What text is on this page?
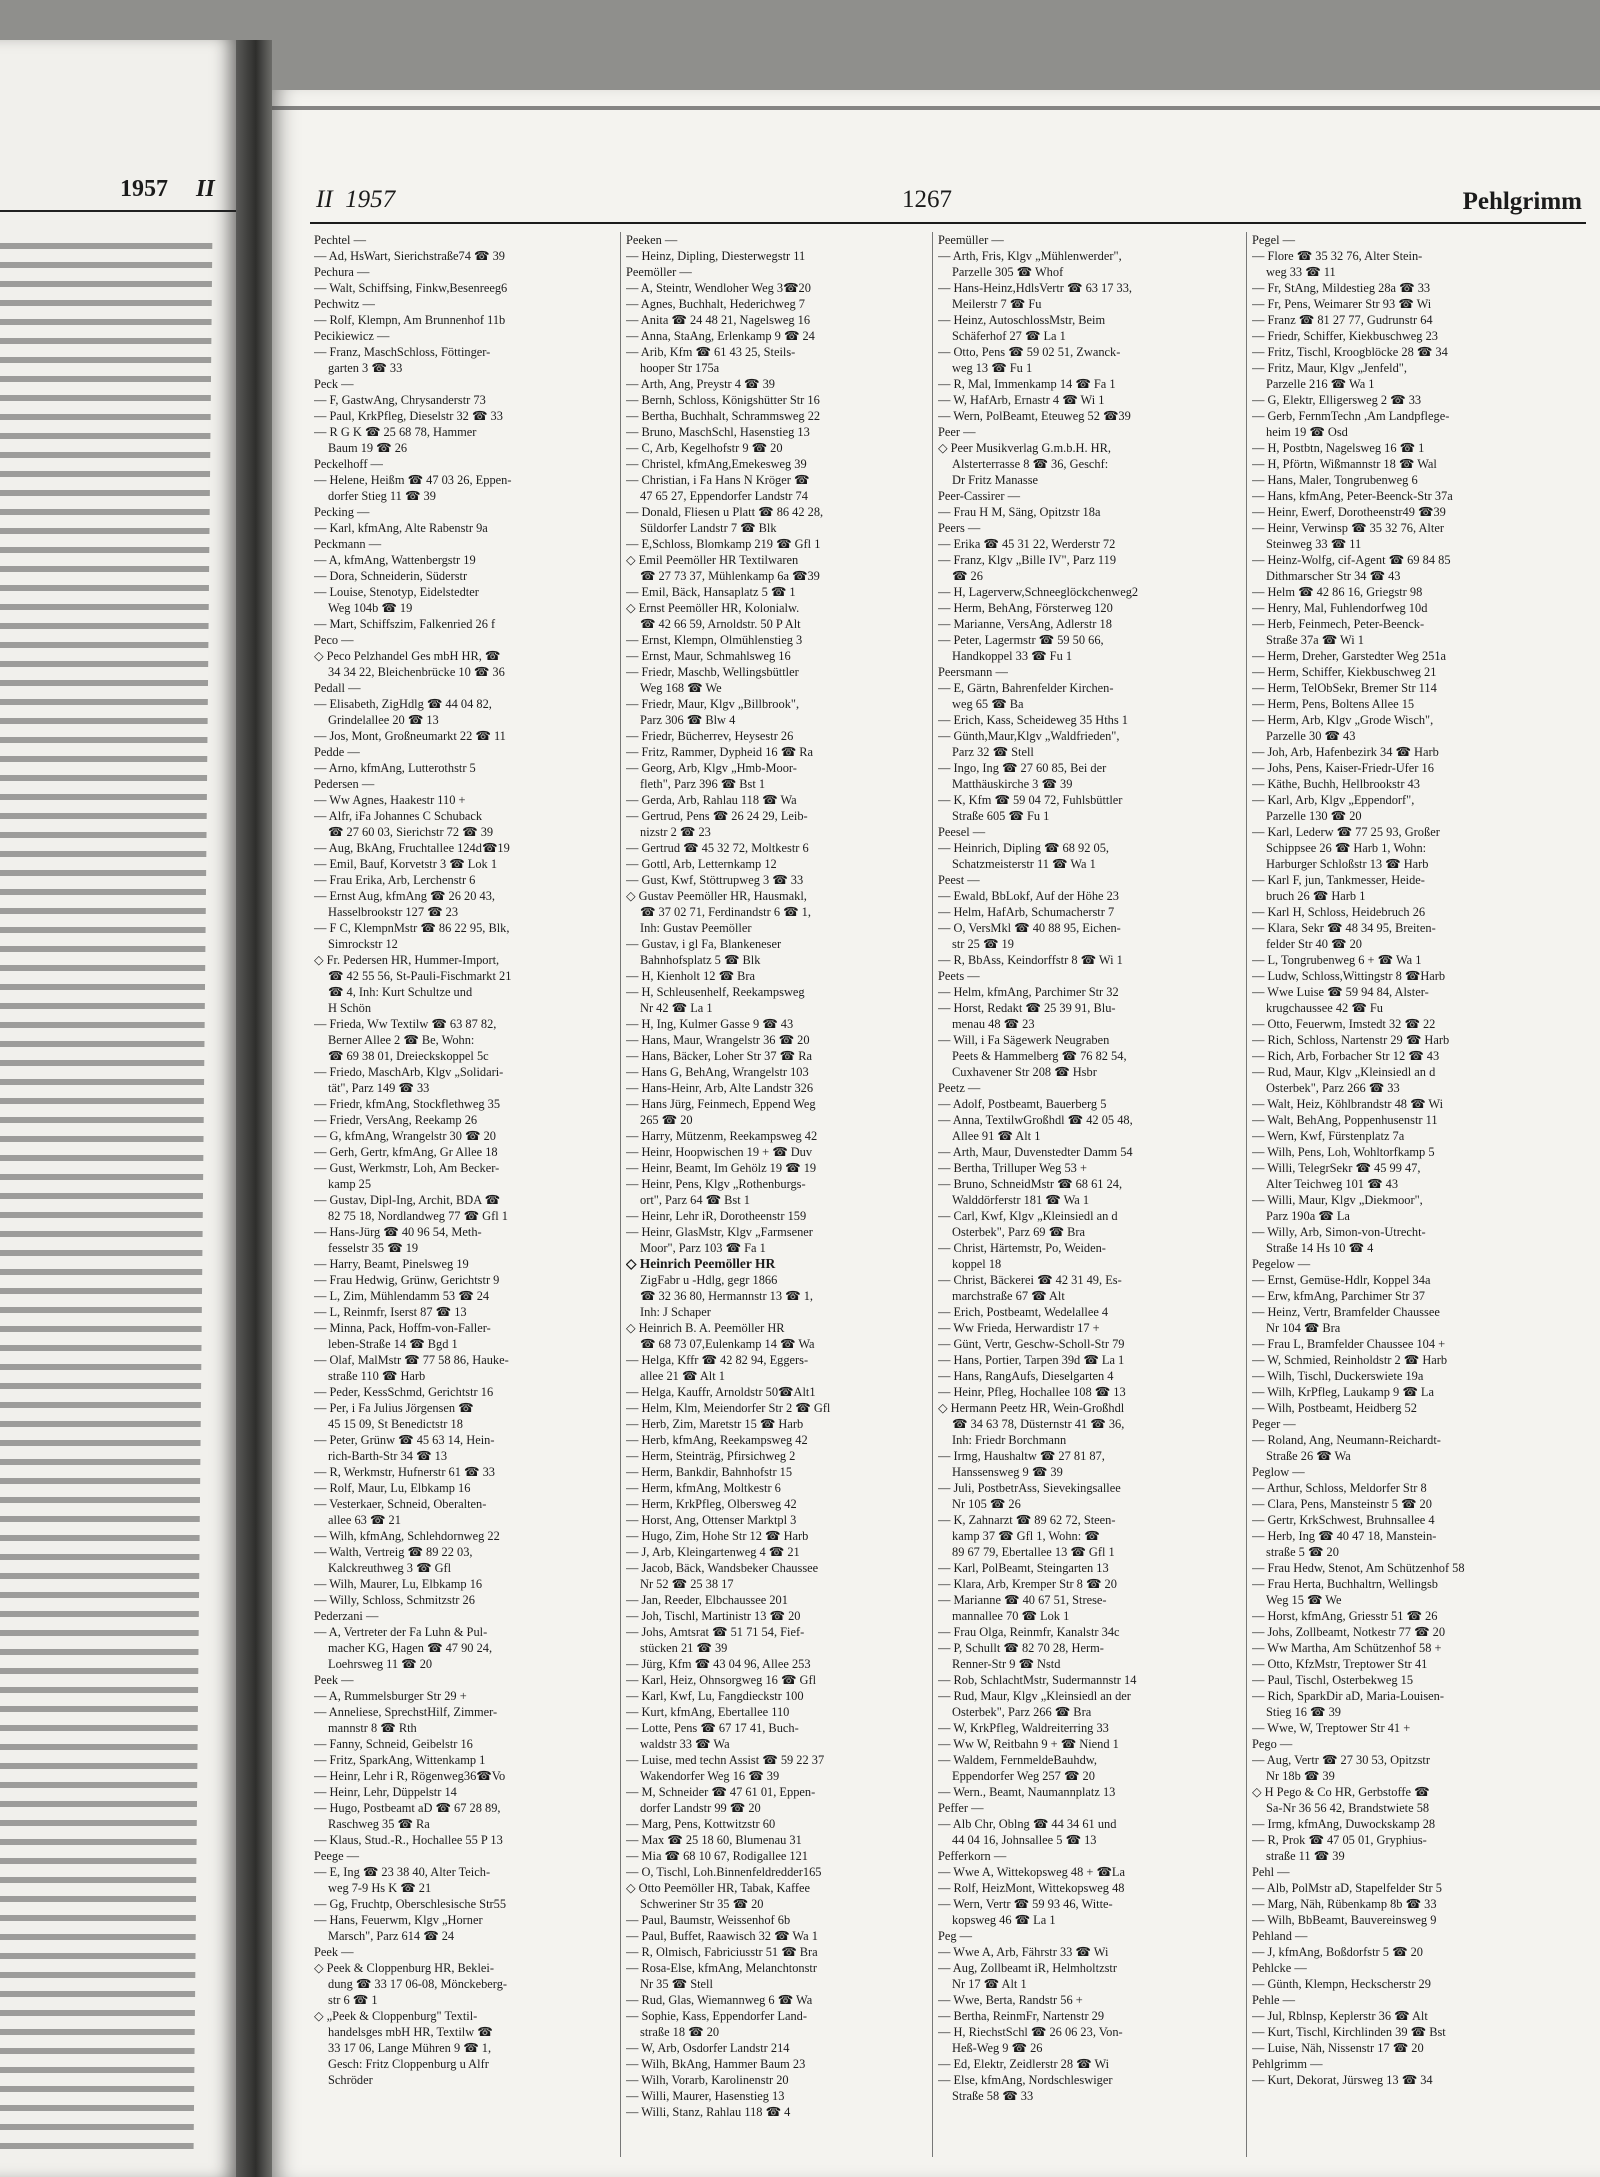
1957 II	II 1957	1267	Pehlgrimm
Pechtel —
— Ad, HsWart, Sierichstraße74 ☎ 39
Pechura —
— Walt, Schiffsing, Finkw,Besenreeg6
Pechwitz —
— Rolf, Klempn, Am Brunnenhof 11b
Pecikiewicz —
— Franz, MaschSchloss, Föttinger-
garten 3 ☎ 33
Peck —
— F, GastwAng, Chrysanderstr 73
— Paul, KrkPfleg, Dieselstr 32 ☎ 33
— R G K ☎ 25 68 78, Hammer
Baum 19 ☎ 26
Peckelhoff —
— Helene, Heißm ☎ 47 03 26, Eppen-
dorfer Stieg 11 ☎ 39
Pecking —
— Karl, kfmAng, Alte Rabenstr 9a
Peckmann —
— A, kfmAng, Wattenbergstr 19
— Dora, Schneiderin, Süderstr
— Louise, Stenotyp, Eidelstedter
Weg 104b ☎ 19
— Mart, Schiffszim, Falkenried 26 f
Peco —
◇ Peco Pelzhandel Ges mbH HR, ☎
34 34 22, Bleichenbrücke 10 ☎ 36
Pedall —
— Elisabeth, ZigHdlg ☎ 44 04 82,
Grindelallee 20 ☎ 13
— Jos, Mont, Großneumarkt 22 ☎ 11
Pedde —
— Arno, kfmAng, Lutterothstr 5
Pedersen —
— Ww Agnes, Haakestr 110 +
— Alfr, iFa Johannes C Schuback
☎ 27 60 03, Sierichstr 72 ☎ 39
— Aug, BkAng, Fruchtallee 124d☎19
— Emil, Bauf, Korvetstr 3 ☎ Lok 1
— Frau Erika, Arb, Lerchenstr 6
— Ernst Aug, kfmAng ☎ 26 20 43,
Hasselbrookstr 127 ☎ 23
— F C, KlempnMstr ☎ 86 22 95, Blk,
Simrockstr 12
◇ Fr. Pedersen HR, Hummer-Import,
☎ 42 55 56, St-Pauli-Fischmarkt 21
☎ 4, Inh: Kurt Schultze und
H Schön
— Frieda, Ww Textilw ☎ 63 87 82,
Berner Allee 2 ☎ Be, Wohn:
☎ 69 38 01, Dreieckskoppel 5c
— Friedo, MaschArb, Klgv „Solidari-
tät", Parz 149 ☎ 33
— Friedr, kfmAng, Stockflethweg 35
— Friedr, VersAng, Reekamp 26
— G, kfmAng, Wrangelstr 30 ☎ 20
— Gerh, Gertr, kfmAng, Gr Allee 18
— Gust, Werkmstr, Loh, Am Becker-
kamp 25
— Gustav, Dipl-Ing, Archit, BDA ☎
82 75 18, Nordlandweg 77 ☎ Gfl 1
— Hans-Jürg ☎ 40 96 54, Meth-
fesselstr 35 ☎ 19
— Harry, Beamt, Pinelsweg 19
— Frau Hedwig, Grünw, Gerichtstr 9
— L, Zim, Mühlendamm 53 ☎ 24
— L, Reinmfr, Iserst 87 ☎ 13
— Minna, Pack, Hoffm-von-Faller-
leben-Straße 14 ☎ Bgd 1
— Olaf, MalMstr ☎ 77 58 86, Hauke-
straße 110 ☎ Harb
— Peder, KessSchmd, Gerichtstr 16
— Per, i Fa Julius Jörgensen ☎
45 15 09, St Benedictstr 18
— Peter, Grünw ☎ 45 63 14, Hein-
rich-Barth-Str 34 ☎ 13
— R, Werkmstr, Hufnerstr 61 ☎ 33
— Rolf, Maur, Lu, Elbkamp 16
— Vesterkaer, Schneid, Oberalten-
allee 63 ☎ 21
— Wilh, kfmAng, Schlehdornweg 22
— Walth, Vertreig ☎ 89 22 03,
Kalckreuthweg 3 ☎ Gfl
— Wilh, Maurer, Lu, Elbkamp 16
— Willy, Schloss, Schmitzstr 26
Pederzani —
— A, Vertreter der Fa Luhn & Pul-
macher KG, Hagen ☎ 47 90 24,
Loehrsweg 11 ☎ 20
Peek —
— A, Rummelsburger Str 29 +
— Anneliese, SprechstHilf, Zimmer-
mannstr 8 ☎ Rth
— Fanny, Schneid, Geibelstr 16
— Fritz, SparkAng, Wittenkamp 1
— Heinr, Lehr i R, Rögenweg36☎Vo
— Heinr, Lehr, Düppelstr 14
— Hugo, Postbeamt aD ☎ 67 28 89,
Raschweg 35 ☎ Ra
— Klaus, Stud.-R., Hochallee 55 P 13
Peege —
— E, Ing ☎ 23 38 40, Alter Teich-
weg 7-9 Hs K ☎ 21
— Gg, Fruchtp, Oberschlesische Str55
— Hans, Feuerwm, Klgv „Horner
Marsch", Parz 614 ☎ 24
Peek —
◇ Peek & Cloppenburg HR, Beklei-
dung ☎ 33 17 06-08, Mönckeberg-
str 6 ☎ 1
◇ „Peek & Cloppenburg" Textil-
handelsges mbH HR, Textilw ☎
33 17 06, Lange Mühren 9 ☎ 1,
Gesch: Fritz Cloppenburg u Alfr
Schröder
Peeken —
— Heinz, Dipling, Diesterwegstr 11
Peemöller —
— A, Steintr, Wendloher Weg 3☎20
— Agnes, Buchhalt, Hederichweg 7
— Anita ☎ 24 48 21, Nagelsweg 16
— Anna, StaAng, Erlenkamp 9 ☎ 24
— Arib, Kfm ☎ 61 43 25, Steils-
hooper Str 175a
— Arth, Ang, Preystr 4 ☎ 39
— Bernh, Schloss, Königshütter Str 16
— Bertha, Buchhalt, Schrammsweg 22
— Bruno, MaschSchl, Hasenstieg 13
— C, Arb, Kegelhofstr 9 ☎ 20
— Christel, kfmAng,Emekesweg 39
— Christian, i Fa Hans N Kröger ☎
47 65 27, Eppendorfer Landstr 74
— Donald, Fliesen u Platt ☎ 86 42 28,
Süldorfer Landstr 7 ☎ Blk
— E,Schloss, Blomkamp 219 ☎ Gfl 1
◇ Emil Peemöller HR Textilwaren
☎ 27 73 37, Mühlenkamp 6a ☎39
— Emil, Bäck, Hansaplatz 5 ☎ 1
◇ Ernst Peemöller HR, Kolonialw.
☎ 42 66 59, Arnoldstr. 50 P Alt
— Ernst, Klempn, Olmühlenstieg 3
— Ernst, Maur, Schmahlsweg 16
— Friedr, Maschb, Wellingsbüttler
Weg 168 ☎ We
— Friedr, Maur, Klgv „Billbrook",
Parz 306 ☎ Blw 4
— Friedr, Bücherrev, Heysestr 26
— Fritz, Rammer, Dypheid 16 ☎ Ra
— Georg, Arb, Klgv „Hmb-Moor-
fleth", Parz 396 ☎ Bst 1
— Gerda, Arb, Rahlau 118 ☎ Wa
— Gertrud, Pens ☎ 26 24 29, Leib-
nizstr 2 ☎ 23
— Gertrud ☎ 45 32 72, Moltkestr 6
— Gottl, Arb, Letternkamp 12
— Gust, Kwf, Stöttrupweg 3 ☎ 33
◇ Gustav Peemöller HR, Hausmakl,
☎ 37 02 71, Ferdinandstr 6 ☎ 1,
Inh: Gustav Peemöller
— Gustav, i gl Fa, Blankeneser
Bahnhofsplatz 5 ☎ Blk
— H, Kienholt 12 ☎ Bra
— H, Schleusenhelf, Reekampsweg
Nr 42 ☎ La 1
— H, Ing, Kulmer Gasse 9 ☎ 43
— Hans, Maur, Wrangelstr 36 ☎ 20
— Hans, Bäcker, Loher Str 37 ☎ Ra
— Hans G, BehAng, Wrangelstr 103
— Hans-Heinr, Arb, Alte Landstr 326
— Hans Jürg, Feinmech, Eppend Weg
265 ☎ 20
— Harry, Mützenm, Reekampsweg 42
— Heinr, Hoopwischen 19 + ☎ Duv
— Heinr, Beamt, Im Gehölz 19 ☎ 19
— Heinr, Pens, Klgv „Rothenburgs-
ort", Parz 64 ☎ Bst 1
— Heinr, Lehr iR, Dorotheenstr 159
— Heinr, GlasMstr, Klgv „Farmsener
Moor", Parz 103 ☎ Fa 1
◇ Heinrich Peemöller HR
ZigFabr u -Hdlg, gegr 1866
☎ 32 36 80, Hermannstr 13 ☎ 1,
Inh: J Schaper
◇ Heinrich B. A. Peemöller HR
☎ 68 73 07,Eulenkamp 14 ☎ Wa
— Helga, Kffr ☎ 42 82 94, Eggers-
allee 21 ☎ Alt 1
— Helga, Kauffr, Arnoldstr 50☎Alt1
— Helm, Klm, Meiendorfer Str 2 ☎ Gfl
— Herb, Zim, Maretstr 15 ☎ Harb
— Herb, kfmAng, Reekampsweg 42
— Herm, Steinträg, Pfirsichweg 2
— Herm, Bankdir, Bahnhofstr 15
— Herm, kfmAng, Moltkestr 6
— Herm, KrkPfleg, Olbersweg 42
— Horst, Ang, Ottenser Marktpl 3
— Hugo, Zim, Hohe Str 12 ☎ Harb
— J, Arb, Kleingartenweg 4 ☎ 21
— Jacob, Bäck, Wandsbeker Chaussee
Nr 52 ☎ 25 38 17
— Jan, Reeder, Elbchaussee 201
— Joh, Tischl, Martinistr 13 ☎ 20
— Johs, Amtsrat ☎ 51 71 54, Fief-
stücken 21 ☎ 39
— Jürg, Kfm ☎ 43 04 96, Allee 253
— Karl, Heiz, Ohnsorgweg 16 ☎ Gfl
— Karl, Kwf, Lu, Fangdieckstr 100
— Kurt, kfmAng, Ebertallee 110
— Lotte, Pens ☎ 67 17 41, Buch-
waldstr 33 ☎ Wa
— Luise, med techn Assist ☎ 59 22 37
Wakendorfer Weg 16 ☎ 39
— M, Schneider ☎ 47 61 01, Eppen-
dorfer Landstr 99 ☎ 20
— Marg, Pens, Kottwitzstr 60
— Max ☎ 25 18 60, Blumenau 31
— Mia ☎ 68 10 67, Rodigallee 121
— O, Tischl, Loh.Binnenfeldredder165
◇ Otto Peemöller HR, Tabak, Kaffee
Schweriner Str 35 ☎ 20
— Paul, Baumstr, Weissenhof 6b
— Paul, Buffet, Raawisch 32 ☎ Wa 1
— R, Olmisch, Fabriciusstr 51 ☎ Bra
— Rosa-Else, kfmAng, Melanchtonstr
Nr 35 ☎ Stell
— Rud, Glas, Wiemannweg 6 ☎ Wa
— Sophie, Kass, Eppendorfer Land-
straße 18 ☎ 20
— W, Arb, Osdorfer Landstr 214
— Wilh, BkAng, Hammer Baum 23
— Wilh, Vorarb, Karolinenstr 20
— Willi, Maurer, Hasenstieg 13
— Willi, Stanz, Rahlau 118 ☎ 4
Peemüller —
— Arth, Fris, Klgv „Mühlenwerder",
Parzelle 305 ☎ Whof
— Hans-Heinz,HdlsVertr ☎ 63 17 33,
Meilerstr 7 ☎ Fu
— Heinz, AutoschlossMstr, Beim
Schäferhof 27 ☎ La 1
— Otto, Pens ☎ 59 02 51, Zwanck-
weg 13 ☎ Fu 1
— R, Mal, Immenkamp 14 ☎ Fa 1
— W, HafArb, Ernastr 4 ☎ Wi 1
— Wern, PolBeamt, Eteuweg 52 ☎39
Peer —
◇ Peer Musikverlag G.m.b.H. HR,
Alsterterrasse 8 ☎ 36, Geschf:
Dr Fritz Manasse
Peer-Cassirer —
— Frau H M, Säng, Opitzstr 18a
Peers —
— Erika ☎ 45 31 22, Werderstr 72
— Franz, Klgv „Bille IV", Parz 119
☎ 26
— H, Lagerverw,Schneeglöckchenweg2
— Herm, BehAng, Försterweg 120
— Marianne, VersAng, Adlerstr 18
— Peter, Lagermstr ☎ 59 50 66,
Handkoppel 33 ☎ Fu 1
Peersmann —
— E, Gärtn, Bahrenfelder Kirchen-
weg 65 ☎ Ba
— Erich, Kass, Scheideweg 35 Hths 1
— Günth,Maur,Klgv „Waldfrieden",
Parz 32 ☎ Stell
— Ingo, Ing ☎ 27 60 85, Bei der
Matthäuskirche 3 ☎ 39
— K, Kfm ☎ 59 04 72, Fuhlsbüttler
Straße 605 ☎ Fu 1
Peesel —
— Heinrich, Dipling ☎ 68 92 05,
Schatzmeisterstr 11 ☎ Wa 1
Peest —
— Ewald, BbLokf, Auf der Höhe 23
— Helm, HafArb, Schumacherstr 7
— O, VersMkl ☎ 40 88 95, Eichen-
str 25 ☎ 19
— R, BbAss, Keindorffstr 8 ☎ Wi 1
Peets —
— Helm, kfmAng, Parchimer Str 32
— Horst, Redakt ☎ 25 39 91, Blu-
menau 48 ☎ 23
— Will, i Fa Sägewerk Neugraben
Peets & Hammelberg ☎ 76 82 54,
Cuxhavener Str 208 ☎ Hsbr
Peetz —
— Adolf, Postbeamt, Bauerberg 5
— Anna, TextilwGroßhdl ☎ 42 05 48,
Allee 91 ☎ Alt 1
— Arth, Maur, Duvenstedter Damm 54
— Bertha, Trilluper Weg 53 +
— Bruno, SchneidMstr ☎ 68 61 24,
Walddörferstr 181 ☎ Wa 1
— Carl, Kwf, Klgv „Kleinsiedl an d
Osterbek", Parz 69 ☎ Bra
— Christ, Härtemstr, Po, Weiden-
koppel 18
— Christ, Bäckerei ☎ 42 31 49, Es-
marchstraße 67 ☎ Alt
— Erich, Postbeamt, Wedelallee 4
— Ww Frieda, Herwardistr 17 +
— Günt, Vertr, Geschw-Scholl-Str 79
— Hans, Portier, Tarpen 39d ☎ La 1
— Hans, RangAufs, Dieselgarten 4
— Heinr, Pfleg, Hochallee 108 ☎ 13
◇ Hermann Peetz HR, Wein-Großhdl
☎ 34 63 78, Düsternstr 41 ☎ 36,
Inh: Friedr Borchmann
— Irmg, Haushaltw ☎ 27 81 87,
Hanssensweg 9 ☎ 39
— Juli, PostbetrAss, Sievekingsallee
Nr 105 ☎ 26
— K, Zahnarzt ☎ 89 62 72, Steen-
kamp 37 ☎ Gfl 1, Wohn: ☎
89 67 79, Ebertallee 13 ☎ Gfl 1
— Karl, PolBeamt, Steingarten 13
— Klara, Arb, Kremper Str 8 ☎ 20
— Marianne ☎ 40 67 51, Strese-
mannallee 70 ☎ Lok 1
— Frau Olga, Reinmfr, Kanalstr 34c
— P, Schullt ☎ 82 70 28, Herm-
Renner-Str 9 ☎ Nstd
— Rob, SchlachtMstr, Sudermannstr 14
— Rud, Maur, Klgv „Kleinsiedl an der
Osterbek", Parz 266 ☎ Bra
— W, KrkPfleg, Waldreiterring 33
— Ww W, Reitbahn 9 + ☎ Niend 1
— Waldem, FernmeldeBauhdw,
Eppendorfer Weg 257 ☎ 20
— Wern., Beamt, Naumannplatz 13
Peffer —
— Alb Chr, Oblng ☎ 44 34 61 und
44 04 16, Johnsallee 5 ☎ 13
Pefferkorn —
— Wwe A, Wittekopsweg 48 + ☎La
— Rolf, HeizMont, Wittekopsweg 48
— Wern, Vertr ☎ 59 93 46, Witte-
kopsweg 46 ☎ La 1
Peg —
— Wwe A, Arb, Fährstr 33 ☎ Wi
— Aug, Zollbeamt iR, Helmholtzstr
Nr 17 ☎ Alt 1
— Wwe, Berta, Randstr 56 +
— Bertha, ReinmFr, Nartenstr 29
— H, RiechstSchl ☎ 26 06 23, Von-
Heß-Weg 9 ☎ 26
— Ed, Elektr, Zeidlerstr 28 ☎ Wi
— Else, kfmAng, Nordschleswiger
Straße 58 ☎ 33
Pegel —
— Flore ☎ 35 32 76, Alter Stein-
weg 33 ☎ 11
— Fr, StAng, Mildestieg 28a ☎ 33
— Fr, Pens, Weimarer Str 93 ☎ Wi
— Franz ☎ 81 27 77, Gudrunstr 64
— Friedr, Schiffer, Kiekbuschweg 23
— Fritz, Tischl, Kroogblöcke 28 ☎ 34
— Fritz, Maur, Klgv „Jenfeld",
Parzelle 216 ☎ Wa 1
— G, Elektr, Elligersweg 2 ☎ 33
— Gerb, FernmTechn ,Am Landpflege-
heim 19 ☎ Osd
— H, Postbtn, Nagelsweg 16 ☎ 1
— H, Pförtn, Wißmannstr 18 ☎ Wal
— Hans, Maler, Tongrubenweg 6
— Hans, kfmAng, Peter-Beenck-Str 37a
— Heinr, Ewerf, Dorotheenstr49 ☎39
— Heinr, Verwinsp ☎ 35 32 76, Alter
Steinweg 33 ☎ 11
— Heinz-Wolfg, cif-Agent ☎ 69 84 85
Dithmarscher Str 34 ☎ 43
— Helm ☎ 42 86 16, Griegstr 98
— Henry, Mal, Fuhlendorfweg 10d
— Herb, Feinmech, Peter-Beenck-
Straße 37a ☎ Wi 1
— Herm, Dreher, Garstedter Weg 251a
— Herm, Schiffer, Kiekbuschweg 21
— Herm, TelObSekr, Bremer Str 114
— Herm, Pens, Boltens Allee 15
— Herm, Arb, Klgv „Grode Wisch",
Parzelle 30 ☎ 43
— Joh, Arb, Hafenbezirk 34 ☎ Harb
— Johs, Pens, Kaiser-Friedr-Ufer 16
— Käthe, Buchh, Hellbrookstr 43
— Karl, Arb, Klgv „Eppendorf",
Parzelle 130 ☎ 20
— Karl, Lederw ☎ 77 25 93, Großer
Schippsee 26 ☎ Harb 1, Wohn:
Harburger Schloßstr 13 ☎ Harb
— Karl F, jun, Tankmesser, Heide-
bruch 26 ☎ Harb 1
— Karl H, Schloss, Heidebruch 26
— Klara, Sekr ☎ 48 34 95, Breiten-
felder Str 40 ☎ 20
— L, Tongrubenweg 6 + ☎ Wa 1
— Ludw, Schloss,Wittingstr 8 ☎Harb
— Wwe Luise ☎ 59 94 84, Alster-
krugchaussee 42 ☎ Fu
— Otto, Feuerwm, Imstedt 32 ☎ 22
— Rich, Schloss, Nartenstr 29 ☎ Harb
— Rich, Arb, Forbacher Str 12 ☎ 43
— Rud, Maur, Klgv „Kleinsiedl an d
Osterbek", Parz 266 ☎ 33
— Walt, Heiz, Köhlbrandstr 48 ☎ Wi
— Walt, BehAng, Poppenhusenstr 11
— Wern, Kwf, Fürstenplatz 7a
— Wilh, Pens, Loh, Wohltorfkamp 5
— Willi, TelegrSekr ☎ 45 99 47,
Alter Teichweg 101 ☎ 43
— Willi, Maur, Klgv „Diekmoor",
Parz 190a ☎ La
— Willy, Arb, Simon-von-Utrecht-
Straße 14 Hs 10 ☎ 4
Pegelow —
— Ernst, Gemüse-Hdlr, Koppel 34a
— Erw, kfmAng, Parchimer Str 37
— Heinz, Vertr, Bramfelder Chaussee
Nr 104 ☎ Bra
— Frau L, Bramfelder Chaussee 104 +
— W, Schmied, Reinholdstr 2 ☎ Harb
— Wilh, Tischl, Duckerswiete 19a
— Wilh, KrPfleg, Laukamp 9 ☎ La
— Wilh, Postbeamt, Heidberg 52
Peger —
— Roland, Ang, Neumann-Reichardt-
Straße 26 ☎ Wa
Peglow —
— Arthur, Schloss, Meldorfer Str 8
— Clara, Pens, Mansteinstr 5 ☎ 20
— Gertr, KrkSchwest, Bruhnsallee 4
— Herb, Ing ☎ 40 47 18, Manstein-
straße 5 ☎ 20
— Frau Hedw, Stenot, Am Schützenhof 58
— Frau Herta, Buchhaltrn, Wellingsb
Weg 15 ☎ We
— Horst, kfmAng, Griesstr 51 ☎ 26
— Johs, Zollbeamt, Notkestr 77 ☎ 20
— Ww Martha, Am Schützenhof 58 +
— Otto, KfzMstr, Treptower Str 41
— Paul, Tischl, Osterbekweg 15
— Rich, SparkDir aD, Maria-Louisen-
Stieg 16 ☎ 39
— Wwe, W, Treptower Str 41 +
Pego —
— Aug, Vertr ☎ 27 30 53, Opitzstr
Nr 18b ☎ 39
◇ H Pego & Co HR, Gerbstoffe ☎
Sa-Nr 36 56 42, Brandstwiete 58
— Irmg, kfmAng, Duwockskamp 28
— R, Prok ☎ 47 05 01, Gryphius-
straße 11 ☎ 39
Pehl —
— Alb, PolMstr aD, Stapelfelder Str 5
— Marg, Näh, Rübenkamp 8b ☎ 33
— Wilh, BbBeamt, Bauvereinsweg 9
Pehland —
— J, kfmAng, Boßdorfstr 5 ☎ 20
Pehlcke —
— Günth, Klempn, Heckscherstr 29
Pehle —
— Jul, Rblnsp, Keplerstr 36 ☎ Alt
— Kurt, Tischl, Kirchlinden 39 ☎ Bst
— Luise, Näh, Nissenstr 17 ☎ 20
Pehlgrimm —
— Kurt, Dekorat, Jürsweg 13 ☎ 34
